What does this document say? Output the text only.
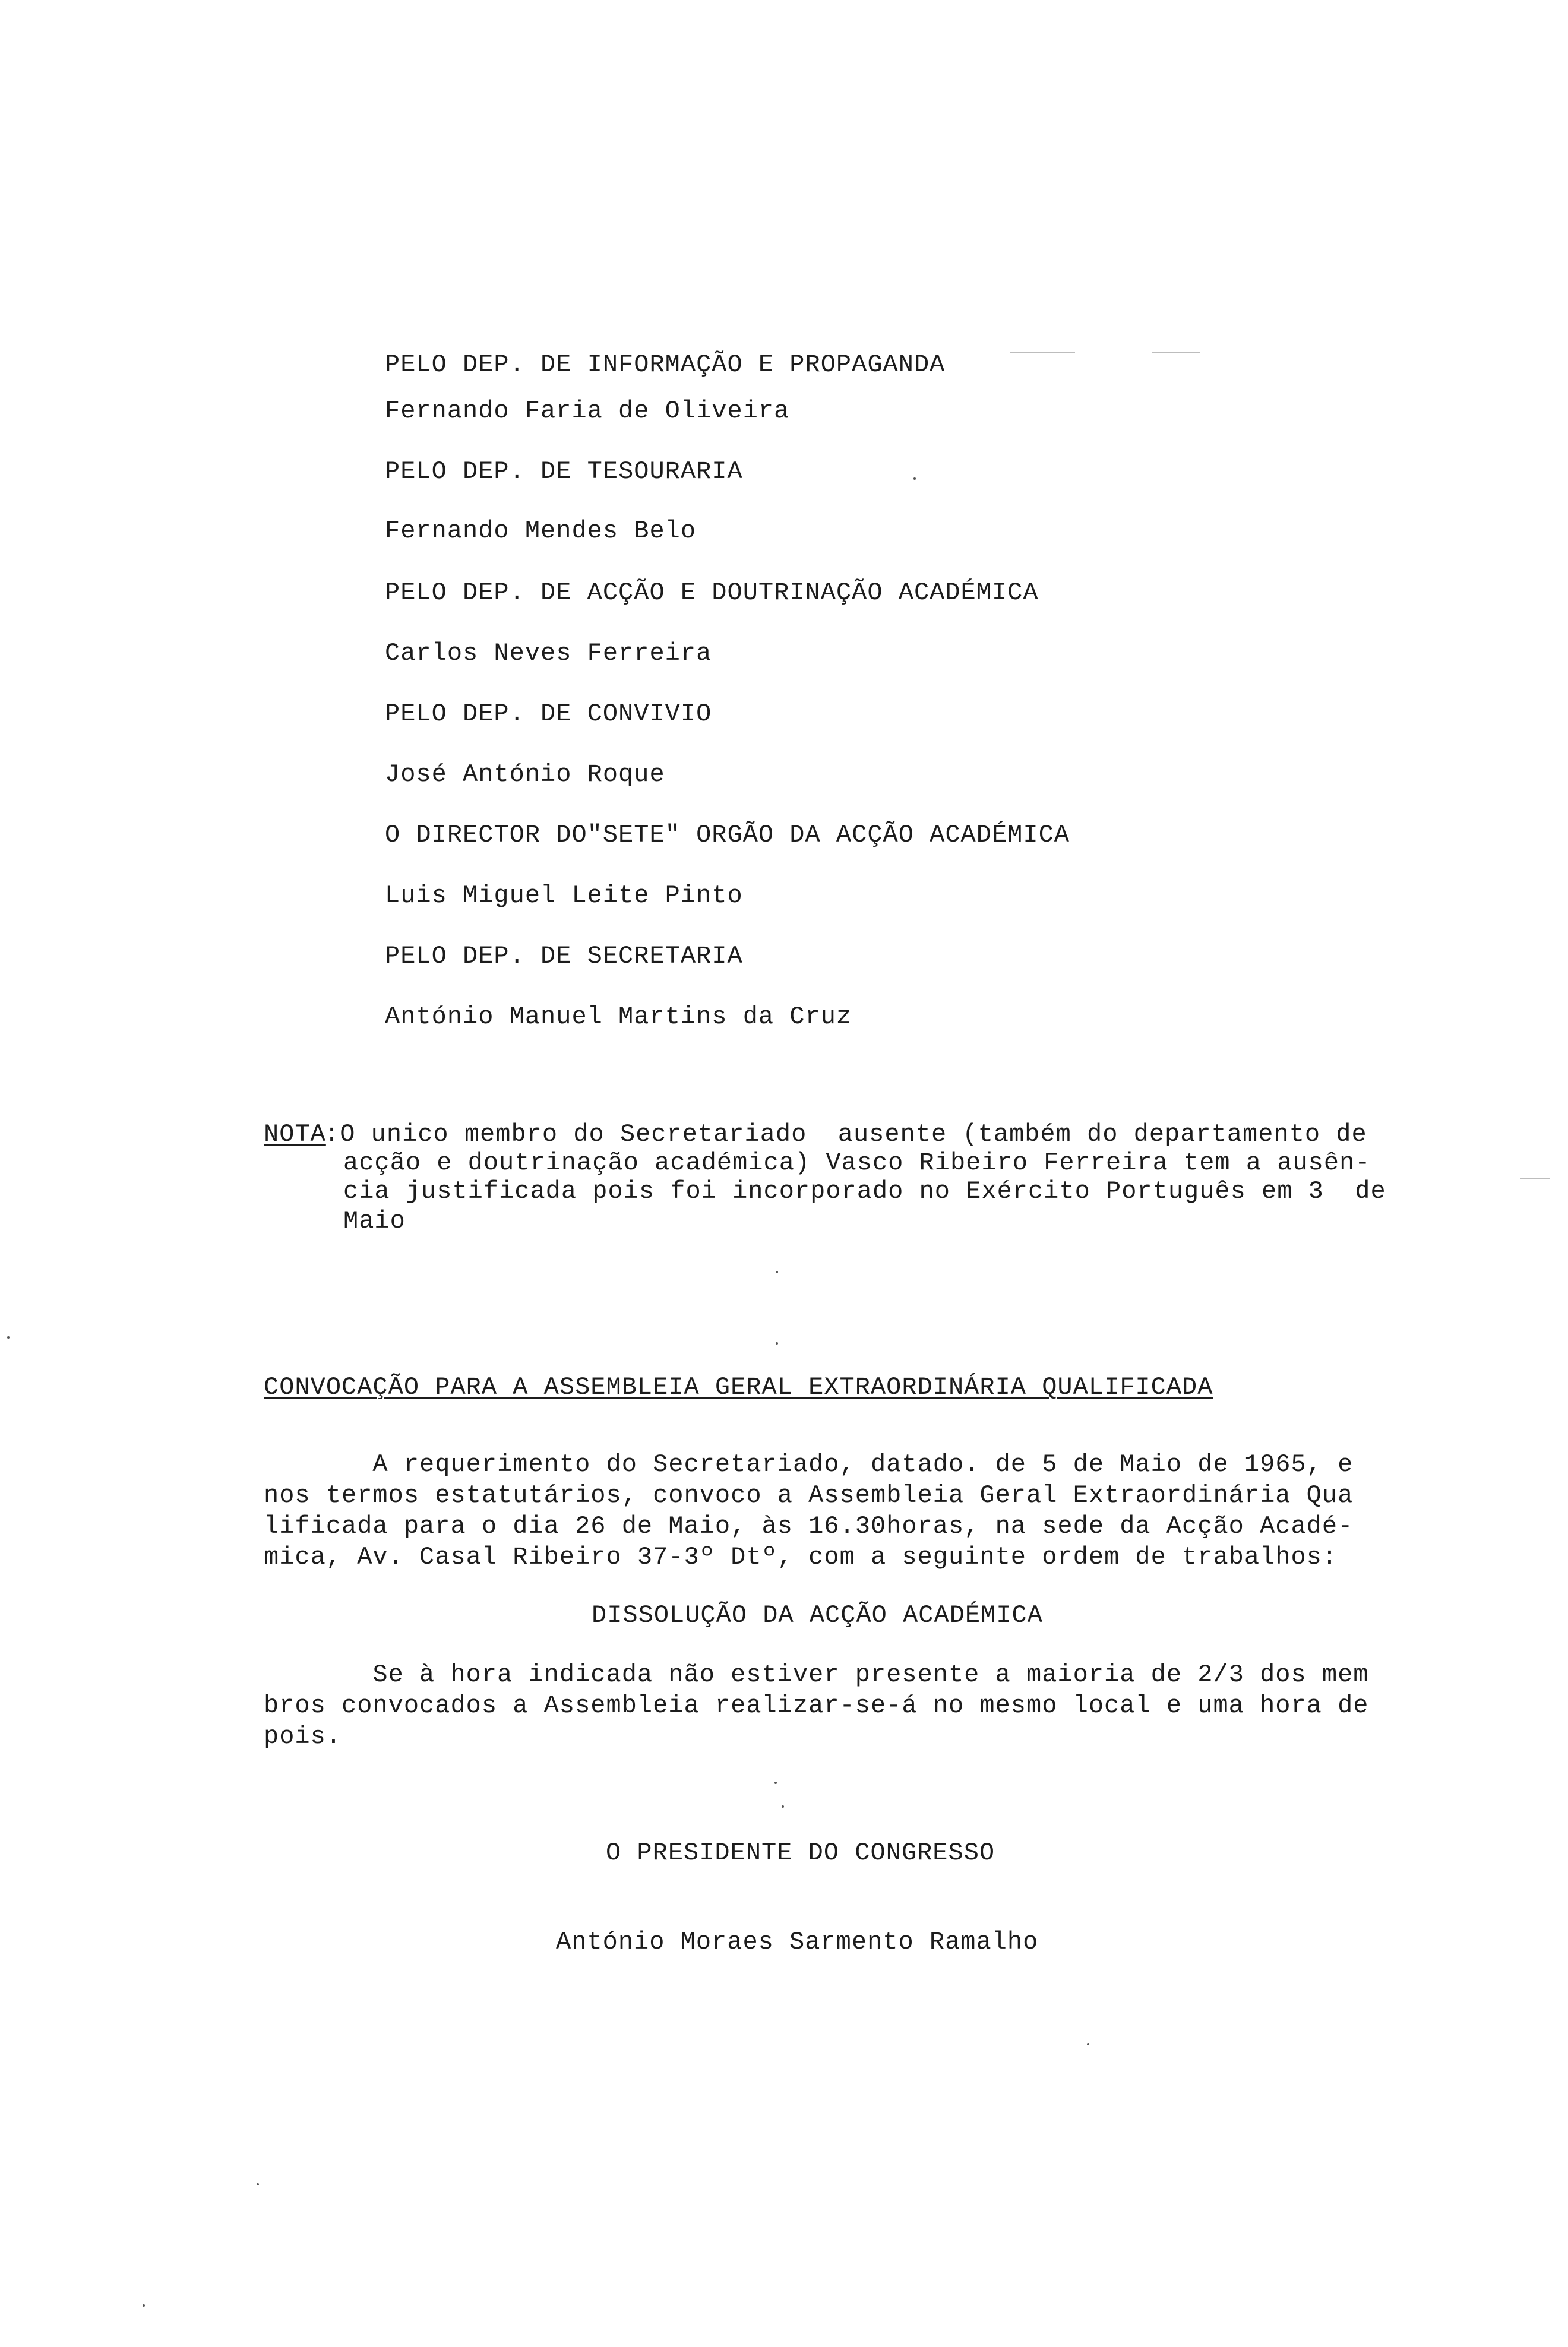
PELO DEP. DE INFORMAÇÃO E PROPAGANDA
Fernando Faria de Oliveira
PELO DEP. DE TESOURARIA
Fernando Mendes Belo
PELO DEP. DE ACÇÃO E DOUTRINAÇÃO ACADÉMICA
Carlos Neves Ferreira
PELO DEP. DE CONVIVIO
José António Roque
O DIRECTOR DO"SETE" ORGÃO DA ACÇÃO ACADÉMICA
Luis Miguel Leite Pinto
PELO DEP. DE SECRETARIA
António Manuel Martins da Cruz
NOTA
:O unico membro do Secretariado  ausente (também do departamento de
acção e doutrinação académica) Vasco Ribeiro Ferreira tem a ausên-
cia justificada pois foi incorporado no Exército Português em 3  de
Maio
CONVOCAÇÃO PARA A ASSEMBLEIA GERAL EXTRAORDINÁRIA QUALIFICADA
A requerimento do Secretariado, datado. de 5 de Maio de 1965, e
nos termos estatutários, convoco a Assembleia Geral Extraordinária Qua
lificada para o dia 26 de Maio, às 16.30horas, na sede da Acção Acadé-
mica, Av. Casal Ribeiro 37-3º Dtº, com a seguinte ordem de trabalhos:
DISSOLUÇÃO DA ACÇÃO ACADÉMICA
Se à hora indicada não estiver presente a maioria de 2/3 dos mem
bros convocados a Assembleia realizar-se-á no mesmo local e uma hora de
pois.
O PRESIDENTE DO CONGRESSO
António Moraes Sarmento Ramalho
